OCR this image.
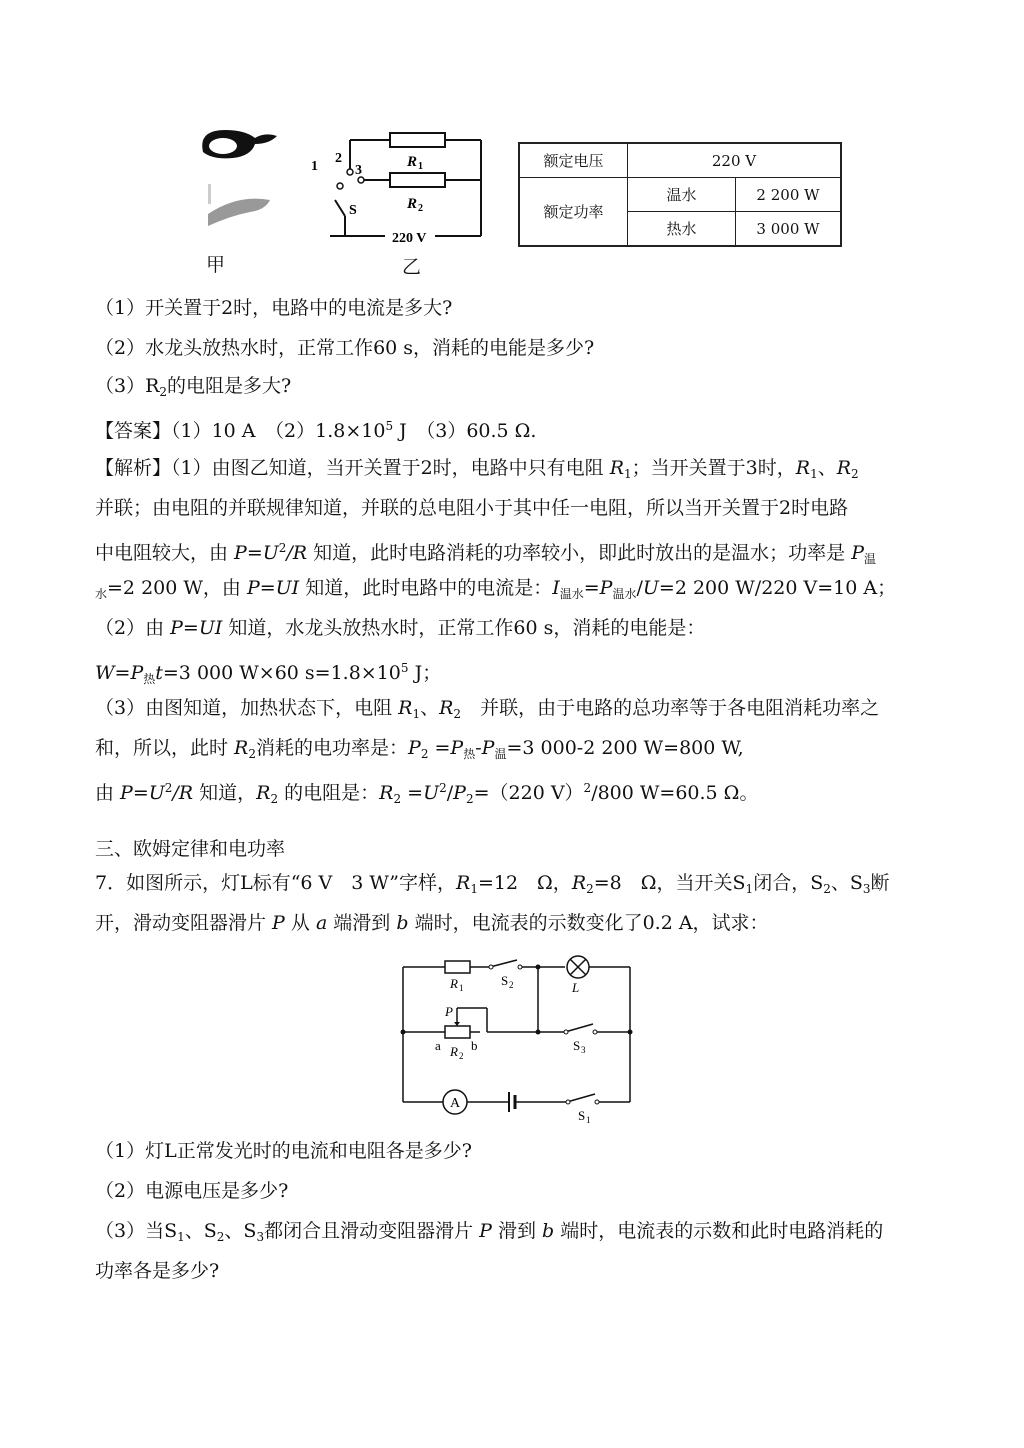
甲
1
2
3
S
R 1
R 2
220 V
乙
额定电压	220 V	
额定功率	温水	2 200 W
	热水	3 000 W
（1）开关置于2时，电路中的电流是多大?
（2）水龙头放热水时，正常工作60 s，消耗的电能是多少?
$(3)R_2$的电阻是多大?
【答案】（1）10 A　$(2)1.8\times 10^5$ J　（3）60.5 Ω.
【解析】（1）由图乙知道，当开关置于2时，电路中只有电阻 $R_1$；当开关置于3时，$R_1$、$R_2$
并联；由电阻的并联规律知道，并联的总电阻小于其中任一电阻，所以当开关置于2时电路
中电阻较大，由 $P=U^2/R$ 知道，此时电路消耗的功率较小，即此时放出的是温水；功率是 $P_温$
$_水$=2 200 W，由 P=UI 知道，此时电路中的电流是：$I_{温水}=P_{温水}/U=2$ 200 W/220 V=10 A；
（2）由 P=UI 知道，水龙头放热水时，正常工作60 s，消耗的电能是：
$W=P_热t=3$ 000 W×60 $s=1.8\times 10^5$ J；
（3）由图知道，加热状态下，电阻 $R_1$、$R_2$　并联，由于电路的总功率等于各电阻消耗功率之
和，所以，此时 $R_2$消耗的电功率是：$P_2 =P_热-P_温=3$ 000-2 200 W=800 W,
由 $P=U^2/R$ 知道，$R_2$ 的电阻是：$R_2 =U^2/P_2=(220$ V）$^2$/800 W=60.5 Ω。
三、欧姆定律和电功率
7．如图所示，灯L标有“6 V　3 W”字样，$R_1=12$　Ω，$R_2=8$　Ω，当开关$S_1$闭合，$S_2$、$S_3$断
开，滑动变阻器滑片 P 从 a 端滑到 b 端时，电流表的示数变化了0.2 A，试求：
R 1	S 2	L
P
a b
R 2
S 3
A
S 1
（1）灯L正常发光时的电流和电阻各是多少?
（2）电源电压是多少?
（3）当$S_1$、$S_2$、$S_3$都闭合且滑动变阻器滑片 P 滑到 b 端时，电流表的示数和此时电路消耗的
功率各是多少?
